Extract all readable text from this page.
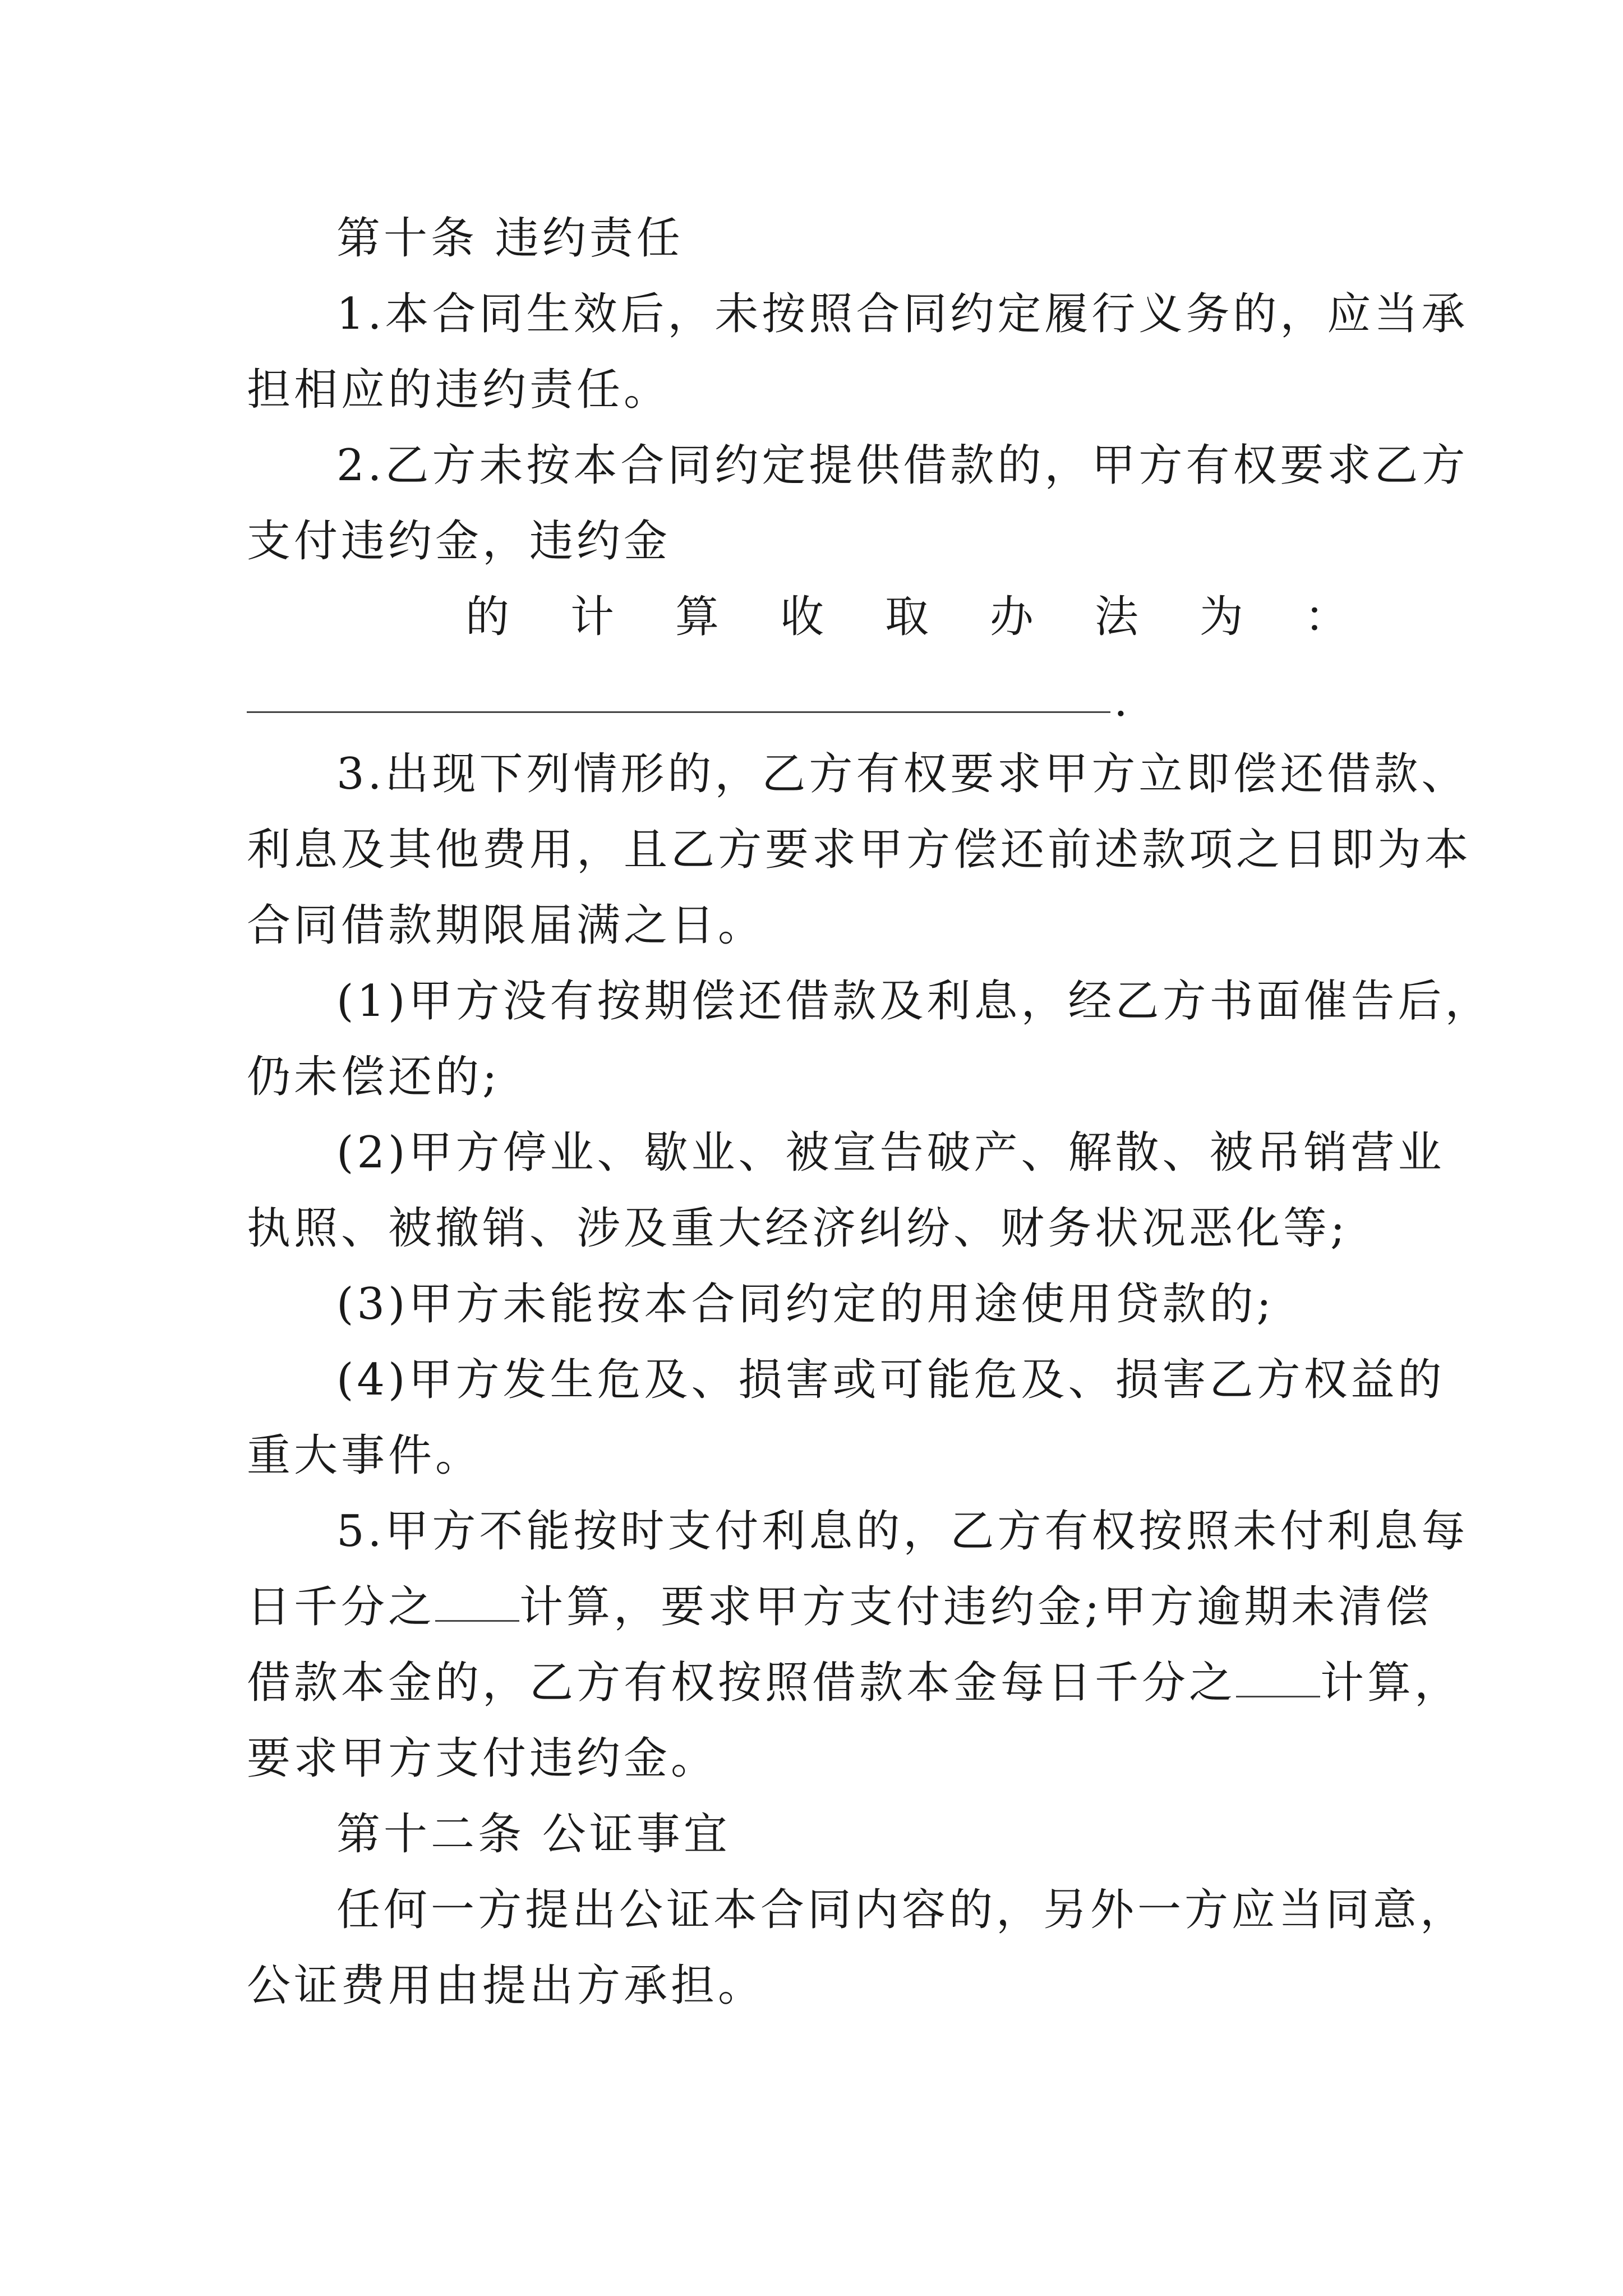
第十条 违约责任
1.本合同生效后，未按照合同约定履行义务的，应当承
担相应的违约责任。
2.乙方未按本合同约定提供借款的，甲方有权要求乙方
支付违约金，违约金
的 计 算 收 取 办 法 为 ：
.
3.出现下列情形的，乙方有权要求甲方立即偿还借款、
利息及其他费用，且乙方要求甲方偿还前述款项之日即为本
合同借款期限届满之日。
(1)甲方没有按期偿还借款及利息，经乙方书面催告后，
仍未偿还的;
(2)甲方停业、歇业、被宣告破产、解散、被吊销营业
执照、被撤销、涉及重大经济纠纷、财务状况恶化等;
(3)甲方未能按本合同约定的用途使用贷款的;
(4)甲方发生危及、损害或可能危及、损害乙方权益的
重大事件。
5.甲方不能按时支付利息的，乙方有权按照未付利息每
日千分之 计算，要求甲方支付违约金;甲方逾期未清偿
借款本金的，乙方有权按照借款本金每日千分之 计算，
要求甲方支付违约金。
第十二条 公证事宜
任何一方提出公证本合同内容的，另外一方应当同意，
公证费用由提出方承担。
